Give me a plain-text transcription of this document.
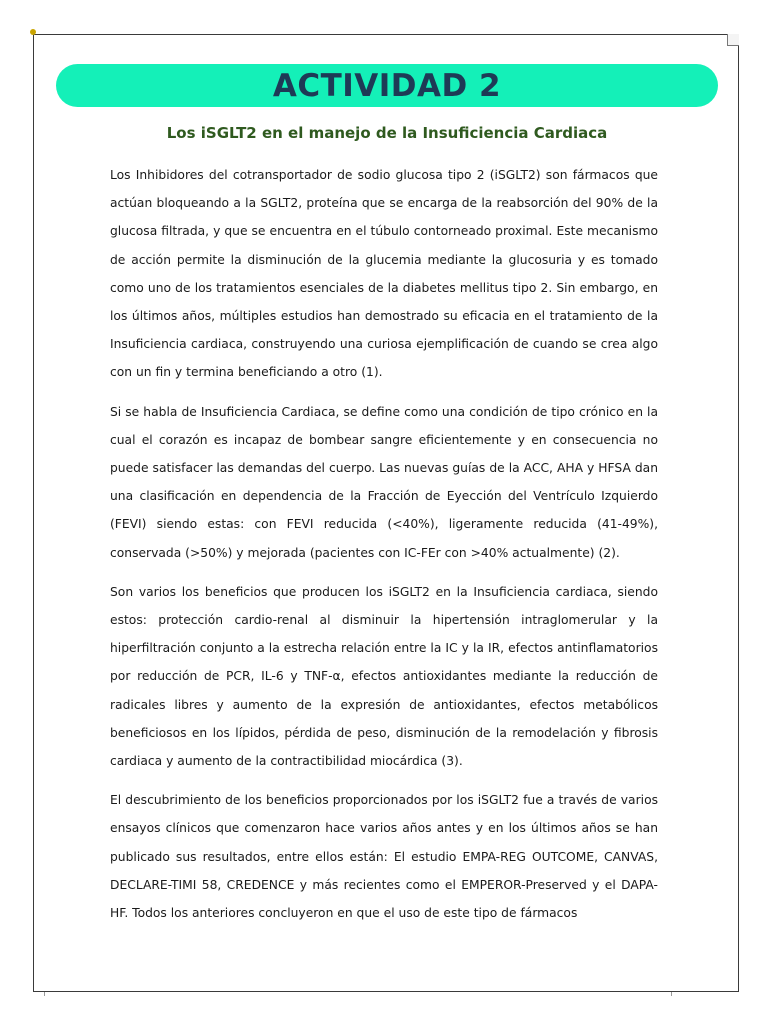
ACTIVIDAD 2
Los iSGLT2 en el manejo de la Insuficiencia Cardiaca

Los Inhibidores del cotransportador de sodio glucosa tipo 2 (iSGLT2) son fármacos que actúan bloqueando a la SGLT2, proteína que se encarga de la reabsorción del 90% de la glucosa filtrada, y que se encuentra en el túbulo contorneado proximal. Este mecanismo de acción permite la disminución de la glucemia mediante la glucosuria y es tomado como uno de los tratamientos esenciales de la diabetes mellitus tipo 2. Sin embargo, en los últimos años, múltiples estudios han demostrado su eficacia en el tratamiento de la Insuficiencia cardiaca, construyendo una curiosa ejemplificación de cuando se crea algo con un fin y termina beneficiando a otro (1).

Si se habla de Insuficiencia Cardiaca, se define como una condición de tipo crónico en la cual el corazón es incapaz de bombear sangre eficientemente y en consecuencia no puede satisfacer las demandas del cuerpo. Las nuevas guías de la ACC, AHA y HFSA dan una clasificación en dependencia de la Fracción de Eyección del Ventrículo Izquierdo (FEVI) siendo estas: con FEVI reducida (<40%), ligeramente reducida (41-49%), conservada (>50%) y mejorada (pacientes con IC-FEr con >40% actualmente) (2).

Son varios los beneficios que producen los iSGLT2 en la Insuficiencia cardiaca, siendo estos: protección cardio-renal al disminuir la hipertensión intraglomerular y la hiperfiltración conjunto a la estrecha relación entre la IC y la IR, efectos antinflamatorios por reducción de PCR, IL-6 y TNF-α, efectos antioxidantes mediante la reducción de radicales libres y aumento de la expresión de antioxidantes, efectos metabólicos beneficiosos en los lípidos, pérdida de peso, disminución de la remodelación y fibrosis cardiaca y aumento de la contractibilidad miocárdica (3).

El descubrimiento de los beneficios proporcionados por los iSGLT2 fue a través de varios ensayos clínicos que comenzaron hace varios años antes y en los últimos años se han publicado sus resultados, entre ellos están: El estudio EMPA-REG OUTCOME, CANVAS, DECLARE-TIMI 58, CREDENCE y más recientes como el EMPEROR-Preserved y el DAPA-HF. Todos los anteriores concluyeron en que el uso de este tipo de fármacos
